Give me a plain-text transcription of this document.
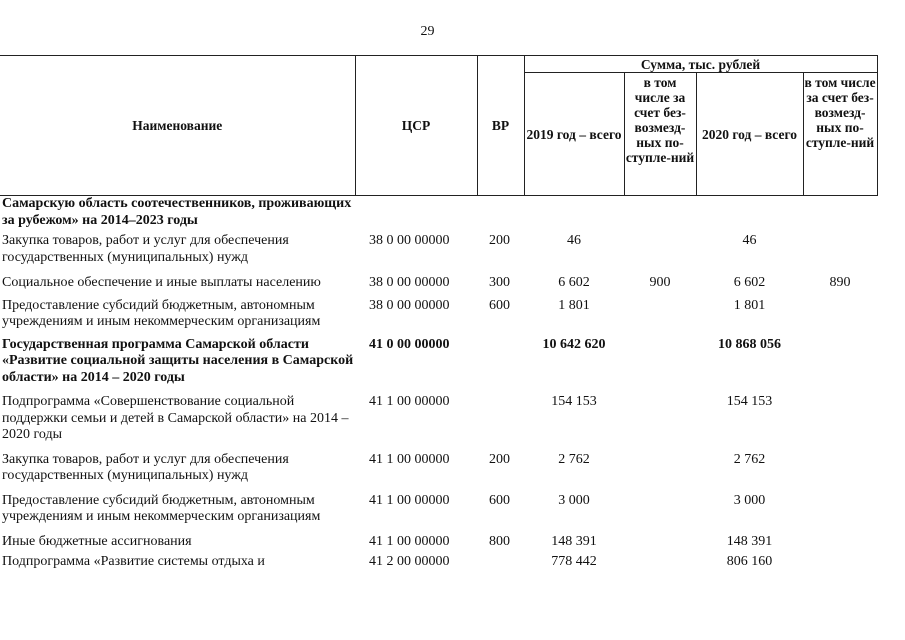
29
Наименование	ЦСР	ВР	Сумма, тыс. рублей			
			2019 год – всего	в том числе за счет без-возмезд-ных по-ступле-ний	2020 год – всего	в том числе за счет без-возмезд-ных по-ступле-ний
Самарскую область соотечественников, проживающих за рубежом» на 2014–2023 годы						
Закупка товаров, работ и услуг для обеспечения государственных (муниципальных) нужд	38 0 00 00000	200	46		46	
Социальное обеспечение и иные выплаты населению	38 0 00 00000	300	6 602	900	6 602	890
Предоставление субсидий бюджетным, автономным учреждениям и иным некоммерческим организациям	38 0 00 00000	600	1 801		1 801	
Государственная программа Самарской области «Развитие социальной защиты населения в Самарской области» на 2014 – 2020 годы	41 0 00 00000		10 642 620		10 868 056	
Подпрограмма «Совершенствование социальной поддержки семьи и детей в Самарской области» на 2014 – 2020 годы	41 1 00 00000		154 153		154 153	
Закупка товаров, работ и услуг для обеспечения государственных (муниципальных) нужд	41 1 00 00000	200	2 762		2 762	
Предоставление субсидий бюджетным, автономным учреждениям и иным некоммерческим организациям	41 1 00 00000	600	3 000		3 000	
Иные бюджетные ассигнования	41 1 00 00000	800	148 391		148 391	
Подпрограмма «Развитие системы отдыха и	41 2 00 00000		778 442		806 160	
